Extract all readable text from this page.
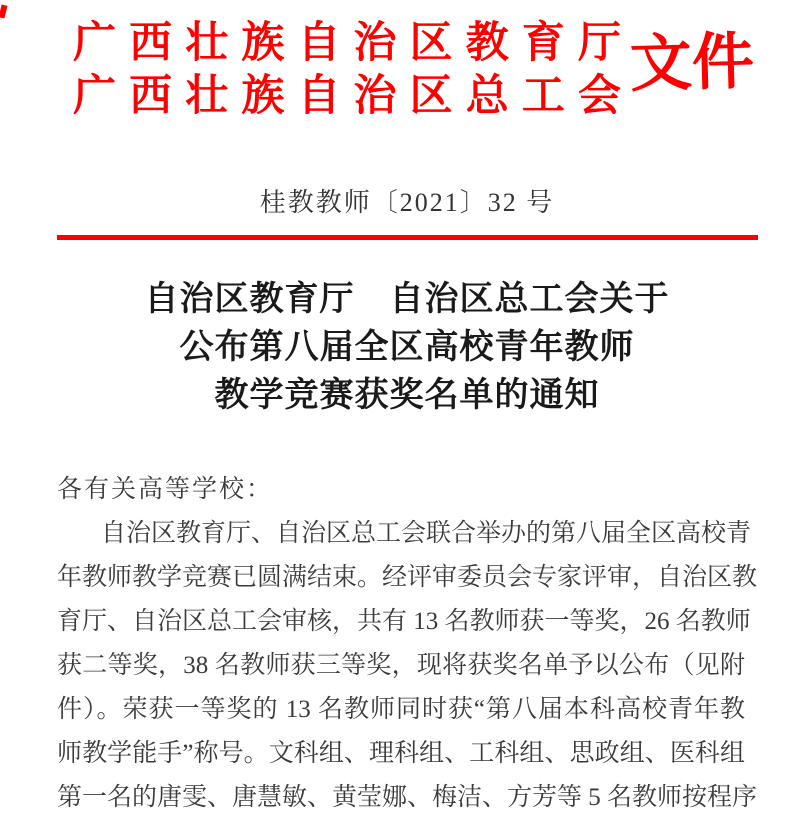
广 西 壮 族 自 治 区 教 育 厅
广 西 壮 族 自 治 区 总 工 会 文
件
桂教教师〔2021〕32 号
自治区教育厅　自治区总工会关于
公布第八届全区高校青年教师
教学竞赛获奖名单的通知
各有关高等学校：
自治区教育厅、自治区总工会联合举办的第八届全区高校青
年教师教学竞赛已圆满结束。经评审委员会专家评审，自治区教
育厅、自治区总工会审核，共有 13 名教师获一等奖，26 名教师
获二等奖，38 名教师获三等奖，现将获奖名单予以公布（见附
件）。荣获一等奖的 13 名教师同时获“第八届本科高校青年教
师教学能手”称号。文科组、理科组、工科组、思政组、医科组
第一名的唐雯、唐慧敏、黄莹娜、梅洁、方芳等 5 名教师按程序
